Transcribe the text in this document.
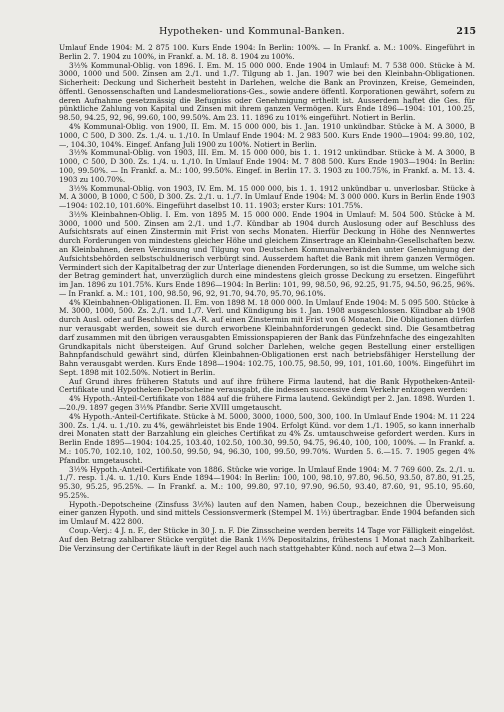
Hypotheken- und Kommunal-Banken.	215

Umlauf Ende 1904: M. 2 875 100. Kurs Ende 1904: In Berlin: 100%. — In Frankf. a. M.: 100%. Eingeführt in Berlin 2. 7. 1904 zu 100%, in Frankf. a. M. 18. 8. 1904 zu 100%.

3½% Kommunal-Oblig. von 1896. I. Em. M. 15 000 000. Ende 1904 in Umlauf: M. 7 538 000. Stücke à M. 3000, 1000 und 500. Zinsen am 2./1. und 1./7. Tilgung ab 1. Jan. 1907 wie bei den Kleinbahn-Obligationen. Sicherheit: Deckung und Sicherheit besteht in Darlehen, welche die Bank an Provinzen, Kreise, Gemeinden, öffentl. Genossenschaften und Landesmeliorations-Ges., sowie andere öffentl. Korporationen gewährt, sofern zu deren Aufnahme gesetzmässig die Befugniss oder Genehmigung ertheilt ist. Ausserdem haftet die Ges. für pünktliche Zahlung von Kapital und Zinsen mit ihrem ganzen Vermögen. Kurs Ende 1896—1904: 101, 100.25, 98.50, 94.25, 92, 96, 99.60, 100, 99.50%. Am 23. 11. 1896 zu 101% eingeführt. Notiert in Berlin.

4% Kommunal-Oblig. von 1900, II. Em. M. 15 000 000, bis 1. Jan. 1910 unkündbar. Stücke à M. A 3000, B 1000, C 500, D 300. Zs. 1./4. u. 1./10. In Umlauf Ende 1904: M. 2 983 500. Kurs Ende 1900—1904: 99.80, 102, —, 104.30, 104%. Eingef. Anfang Juli 1900 zu 100%. Notiert in Berlin.

3½% Kommunal-Oblig. von 1903, III. Em. M. 15 000 000, bis 1. 1. 1912 unkündbar. Stücke à M. A 3000, B 1000, C 500, D 300. Zs. 1./4. u. 1./10. In Umlauf Ende 1904: M. 7 808 500. Kurs Ende 1903—1904: In Berlin: 100, 99.50%. — In Frankf. a. M.: 100, 99.50%. Eingef. in Berlin 17. 3. 1903 zu 100.75%, in Frankf. a. M. 13. 4. 1903 zu 100.70%.

3½% Kommunal-Oblig. von 1903, IV. Em. M. 15 000 000, bis 1. 1. 1912 unkündbar u. unverlosbar. Stücke à M. A 3000, B 1000, C 500, D 300. Zs. 2./1. u. 1./7. In Umlauf Ende 1904: M. 3 000 000. Kurs in Berlin Ende 1903—1904: 102.10, 101.60%. Eingeführt daselbst 10. 11. 1903; erster Kurs: 101.75%.

3½% Kleinbahnen-Oblig. I. Em. von 1895 M. 15 000 000. Ende 1904 in Umlauf: M. 504 500. Stücke à M. 3000, 1000 und 500. Zinsen am 2./1. und 1./7. Kündbar ab 1904 durch Auslosung oder auf Beschluss des Aufsichtsrats auf einen Zinstermin mit Frist von sechs Monaten. Hierfür Deckung in Höhe des Nennwertes durch Forderungen von mindestens gleicher Höhe und gleichem Zinsertrage an Kleinbahn-Gesellschaften bezw. an Kleinbahnen, deren Verzinsung und Tilgung von Deutschen Kommunalverbänden unter Genehmigung der Aufsichtsbehörden selbstschuldnerisch verbürgt sind. Ausserdem haftet die Bank mit ihrem ganzen Vermögen. Vermindert sich der Kapitalbetrag der zur Unterlage dienenden Forderungen, so ist die Summe, um welche sich der Betrag gemindert hat, unverzüglich durch eine mindestens gleich grosse Deckung zu ersetzen. Eingeführt im Jan. 1896 zu 101.75%. Kurs Ende 1896—1904: In Berlin: 101, 99, 98.50, 96, 92.25, 91.75, 94.50, 96.25, 96%. — In Frankf. a. M.: 101, 100, 98.50, 96, 92, 91.70, 94.70, 95.70, 96.10%.

4% Kleinbahnen-Obligationen. II. Em. von 1898 M. 18 000 000. In Umlauf Ende 1904: M. 5 095 500. Stücke à M. 3000, 1000, 500. Zs. 2./1. und 1./7. Verl. und Kündigung bis 1. Jan. 1908 ausgeschlossen. Kündbar ab 1908 durch Ausl. oder auf Beschluss des A.-R. auf einen Zinstermin mit Frist von 6 Monaten. Die Obligationen dürfen nur verausgabt werden, soweit sie durch erworbene Kleinbahnforderungen gedeckt sind. Die Gesamtbetrag darf zusammen mit den übrigen verausgabten Emissionspapieren der Bank das Fünfzehnfache des eingezahlten Grundkapitals nicht übersteigen. Auf Grund solcher Darlehen, welche gegen Bestellung einer erstelligen Bahnpfandschuld gewährt sind, dürfen Kleinbahnen-Obligationen erst nach betriebsfähiger Herstellung der Bahn verausgabt werden. Kurs Ende 1898—1904: 102.75, 100.75, 98.50, 99, 101, 101.60, 100%. Eingeführt im Sept. 1898 mit 102.50%. Notiert in Berlin.

Auf Grund ihres früheren Statuts und auf ihre frühere Firma lautend, hat die Bank Hypotheken-Anteil-Certifikate und Hypotheken-Depotscheine verausgabt, die indessen successive dem Verkehr entzogen werden:

4% Hypoth.-Anteil-Certifikate von 1884 auf die frühere Firma lautend. Gekündigt per 2. Jan. 1898. Wurden 1.—20./9. 1897 gegen 3½% Pfandbr. Serie XVIII umgetauscht.

4% Hypoth.-Anteil-Certifikate. Stücke à M. 5000, 3000, 1000, 500, 300, 100. In Umlauf Ende 1904: M. 11 224 300. Zs. 1./4. u. 1./10. zu 4%, gewährleistet bis Ende 1904. Erfolgt Künd. vor dem 1./1. 1905, so kann innerhalb drei Monaten statt der Barzahlung ein gleiches Certifikat zu 4% Zs. umtauschweise gefordert werden. Kurs in Berlin Ende 1895—1904: 104.25, 103.40, 102.50, 100.30, 99.50, 94.75, 96.40, 100, 100, 100%. — In Frankf. a. M.: 105.70, 102.10, 102, 100.50, 99.50, 94, 96.30, 100, 99.50, 99.70%. Wurden 5. 6.—15. 7. 1905 gegen 4% Pfandbr. umgetauscht.

3½% Hypoth.-Anteil-Certifikate von 1886. Stücke wie vorige. In Umlauf Ende 1904: M. 7 769 600. Zs. 2./1. u. 1./7. resp. 1./4. u. 1./10. Kurs Ende 1894—1904: In Berlin: 100, 100, 98.10, 97.80, 96.50, 93.50, 87.80, 91.25, 95.30, 95.25, 95.25%. — In Frankf. a. M.: 100, 99.80, 97.10, 97.90, 96.50, 93.40, 87.60, 91, 95.10, 95.60, 95.25%.

Hypoth.-Depotscheine (Zinsfuss 3½%) lauten auf den Namen, haben Coup., bezeichnen die Überweisung einer ganzen Hypoth. und sind mittels Cessionsvermerk (Stempel M. 1½) übertragbar. Ende 1904 befanden sich im Umlauf M. 422 800.

Coup.-Verj.: 4 J. n. F., der Stücke in 30 J. n. F. Die Zinsscheine werden bereits 14 Tage vor Fälligkeit eingelöst. Auf den Betrag zahlbarer Stücke vergütet die Bank 1½% Depositalzins, frühestens 1 Monat nach Zahlbarkeit. Die Verzinsung der Certifikate läuft in der Regel auch nach stattgehabter Künd. noch auf etwa 2—3 Mon.
